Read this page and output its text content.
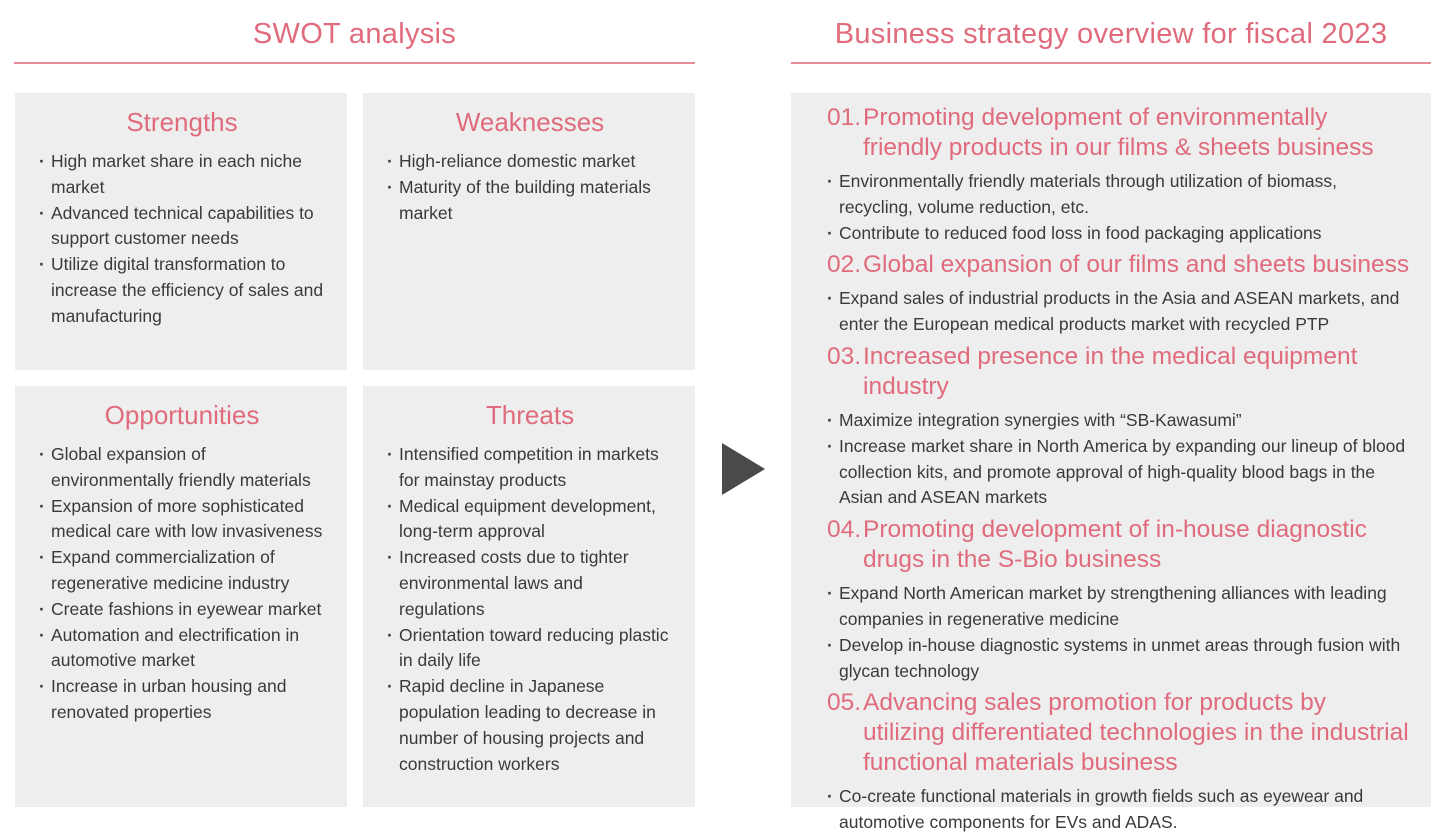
SWOT analysis	Business strategy overview for fiscal 2023
Strengths
· High market share in each niche market
· Advanced technical capabilities to support customer needs
· Utilize digital transformation to increase the efficiency of sales and manufacturing
Weaknesses
· High-reliance domestic market
· Maturity of the building materials market
Opportunities
· Global expansion of environmentally friendly materials
· Expansion of more sophisticated medical care with low invasiveness
· Expand commercialization of regenerative medicine industry
· Create fashions in eyewear market
· Automation and electrification in automotive market
· Increase in urban housing and renovated properties
Threats
· Intensified competition in markets for mainstay products
· Medical equipment development, long-term approval
· Increased costs due to tighter environmental laws and regulations
· Orientation toward reducing plastic in daily life
· Rapid decline in Japanese population leading to decrease in number of housing projects and construction workers
01. Promoting development of environmentally friendly products in our films & sheets business
· Environmentally friendly materials through utilization of biomass, recycling, volume reduction, etc.
· Contribute to reduced food loss in food packaging applications
02. Global expansion of our films and sheets business
· Expand sales of industrial products in the Asia and ASEAN markets, and enter the European medical products market with recycled PTP
03. Increased presence in the medical equipment industry
· Maximize integration synergies with “SB-Kawasumi”
· Increase market share in North America by expanding our lineup of blood collection kits, and promote approval of high-quality blood bags in the Asian and ASEAN markets
04. Promoting development of in-house diagnostic drugs in the S-Bio business
· Expand North American market by strengthening alliances with leading companies in regenerative medicine
· Develop in-house diagnostic systems in unmet areas through fusion with glycan technology
05. Advancing sales promotion for products by utilizing differentiated technologies in the industrial functional materials business
· Co-create functional materials in growth fields such as eyewear and automotive components for EVs and ADAS.
